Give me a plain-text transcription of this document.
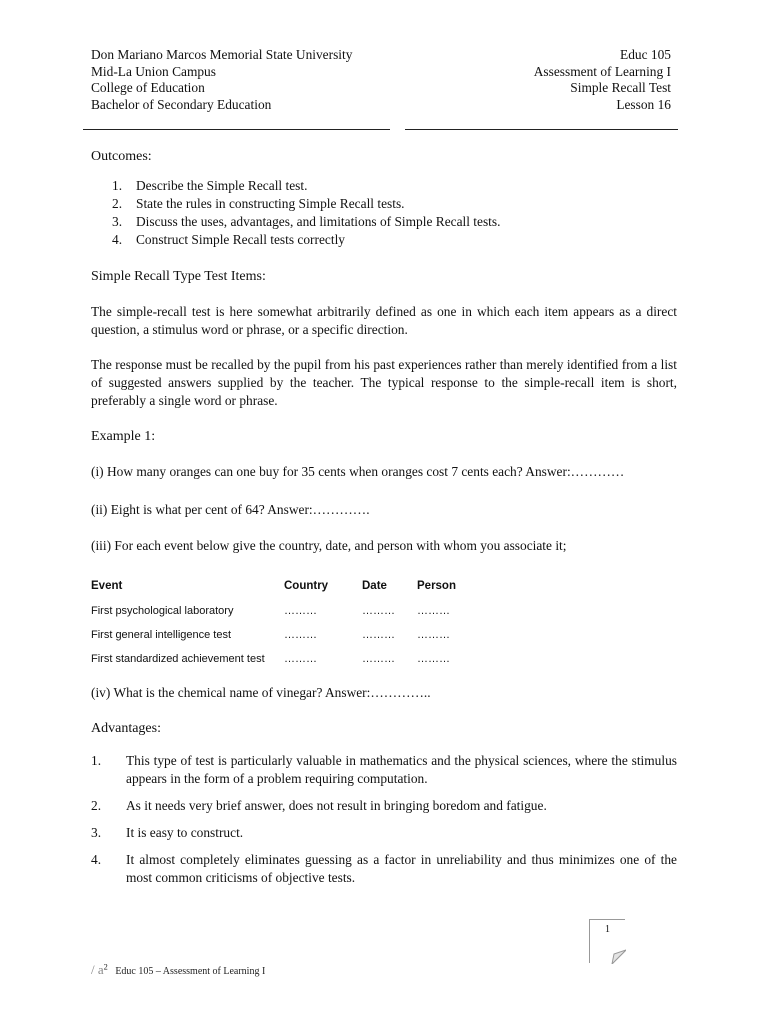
Don Mariano Marcos Memorial State University
Mid-La Union Campus
College of Education
Bachelor of Secondary Education
Educ 105
Assessment of Learning I
Simple Recall Test
Lesson 16
Outcomes:
1. Describe the Simple Recall test.
2. State the rules in constructing Simple Recall tests.
3. Discuss the uses, advantages, and limitations of Simple Recall tests.
4. Construct Simple Recall tests correctly
Simple Recall Type Test Items:

The simple-recall test is here somewhat arbitrarily defined as one in which each item appears as a direct question, a stimulus word or phrase, or a specific direction.

The response must be recalled by the pupil from his past experiences rather than merely identified from a list of suggested answers supplied by the teacher. The typical response to the simple-recall item is short, preferably a single word or phrase.

Example 1:

(i) How many oranges can one buy for 35 cents when oranges cost 7 cents each? Answer:…………

(ii) Eight is what per cent of 64? Answer:………….

(iii) For each event below give the country, date, and person with whom you associate it;

Event	Country	Date	Person
First psychological laboratory	………	………	………
First general intelligence test	………	………	………
First standardized achievement test	………	………	………

(iv) What is the chemical name of vinegar? Answer:…………..

Advantages:
1. This type of test is particularly valuable in mathematics and the physical sciences, where the stimulus appears in the form of a problem requiring computation.
2. As it needs very brief answer, does not result in bringing boredom and fatigue.
3. It is easy to construct.
4. It almost completely eliminates guessing as a factor in unreliability and thus minimizes one of the most common criticisms of objective tests.
1
/ $a^2$ Educ 105 – Assessment of Learning I
